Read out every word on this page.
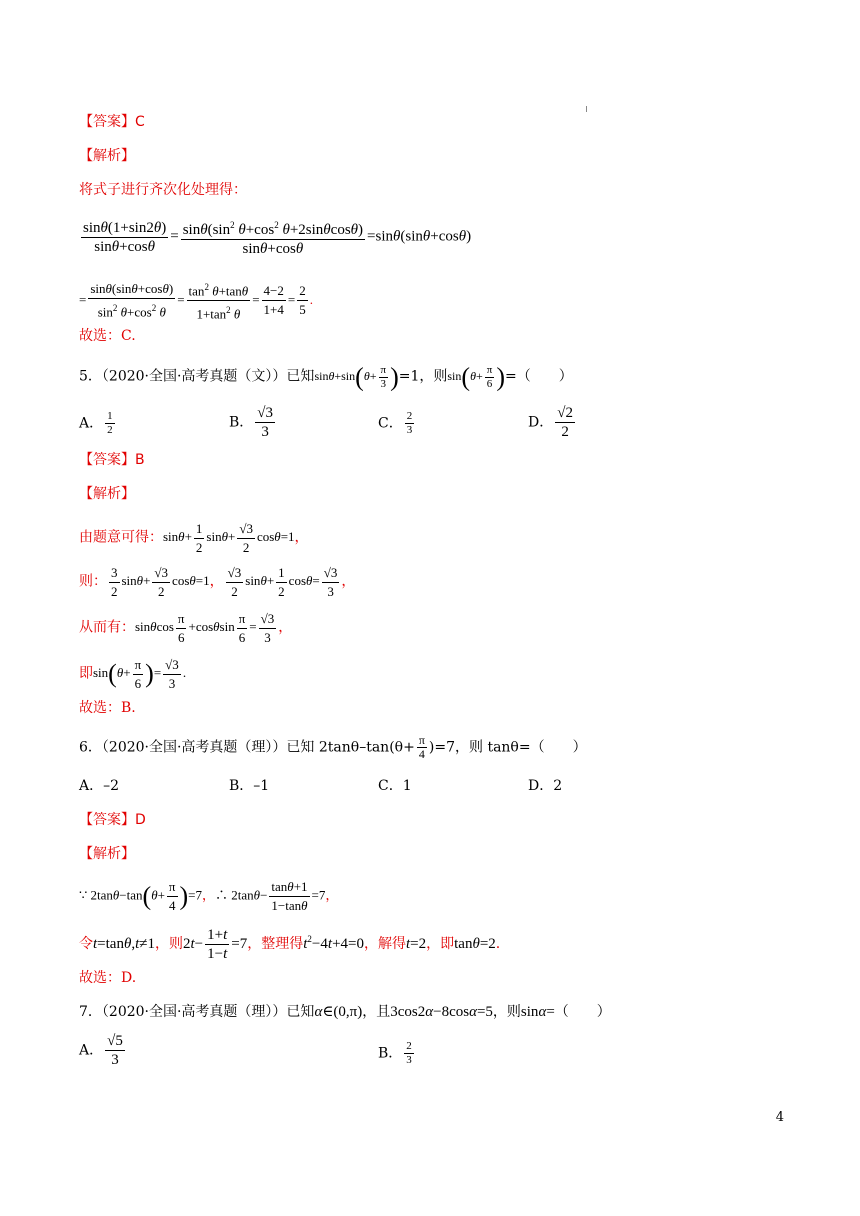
【答案】C
【解析】
将式子进行齐次化处理得：
$\frac{\sin\theta(1+\sin 2\theta)}{\sin\theta+\cos\theta} = \frac{\sin\theta(\sin^2 \theta+\cos^2 \theta+2\sin\theta\cos\theta)}{\sin\theta+\cos\theta} =\sin\theta(\sin\theta+\cos\theta)$
= $\frac{\sin\theta(\sin\theta+\cos\theta)}{\sin^2 \theta+\cos^2 \theta} = \frac{\tan^2 \theta+\tan\theta}{1+\tan^2 \theta} = \frac{4-2}{1+4} = \frac{2}{5}$ .
故选：C.
5．（2020·全国·高考真题（文））已知$\sin\theta+\sin(\theta+ \frac{\pi}{3} )=1$，则$\sin(\theta+ \frac{\pi}{6}$ )=（　　）
A． $\frac{1}{2}$	B． $\frac{√3}{3}$	C． $\frac{2}{3}$	D． $\frac{√2}{2}$
【答案】B
【解析】
由题意可得：$\sin\theta+ \frac{1}{2} \sin\theta+ \frac{√3}{2} \cos\theta=1$，
则： $\frac{3}{2} \sin\theta+ \frac{√3}{2} \cos\theta=1$， $\frac{√3}{2} \sin\theta+ \frac{1}{2} \cos\theta= \frac{√3}{3}$ ，
从而有：sinθcos $\frac{\pi}{6} +\cos\theta\sin \frac{\pi}{6} = \frac{√3}{3}$ ，
即$\sin(\theta+ \frac{\pi}{6}$ )= $\frac{√3}{3}$ .
故选：B.
6．（2020·全国·高考真题（理））已知 $2\tan\theta-\tan(\theta+ \frac{\pi}{4} )=7$，则 tanθ=（　　）
A．–2	B．–1	C．1	D．2
【答案】D
【解析】
∵ $2\tan\theta-\tan(\theta+ \frac{\pi}{4} )=7$，∴ $2\tan\theta- \frac{\tan\theta+1}{1-\tan\theta} =7$，
令t=tanθ,t≠1，则$2t- \frac{1+t}{1-t} =7$，整理得$t^2-4t+4=0$，解得t=2，即tanθ=2.
故选：D.
7．（2020·全国·高考真题（理））已知α∈(0,π)，且3cos2α−8cosα=5，则sinα=（　　）
A． $\frac{√5}{3}$	B． $\frac{2}{3}$
4
